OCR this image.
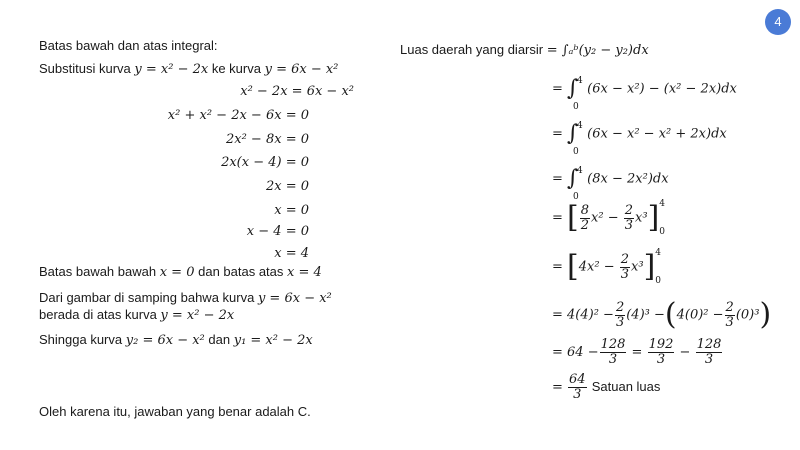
4
Batas bawah dan atas integral:
Substitusi kurva y = x² − 2x ke kurva y = 6x − x²
x² − 2x = 6x − x²
x² + x² − 2x − 6x = 0
2x² − 8x = 0
2x(x − 4) = 0
2x = 0
x = 0
x − 4 = 0
x = 4
Batas bawah bawah x = 0 dan batas atas x = 4
Dari gambar di samping bahwa kurva y = 6x − x²
berada di atas kurva y = x² − 2x
Shingga kurva y₂ = 6x − x² dan y₁ = x² − 2x
Oleh karena itu, jawaban yang benar adalah C.
Luas daerah yang diarsir = ∫ₐᵇ(y₂ − y₂)dx
= ∫
4
0
(6x − x²) − (x² − 2x)dx
= ∫
4
0
(6x − x² − x² + 2x)dx
= ∫
4
0
(8x − 2x²)dx
= [ $\frac{8}{2} x^2 - \frac{2}{3} x^3$] 4
0
= $[4x^2 - \frac{2}{3} x^3]$ 4
0
= $4(4)^2 - \frac{2}{3} (4)^3 -(4(0)^2 - \frac{2}{3} (0)^3)$
= $64 - \frac{128}{3} = \frac{192}{3} - \frac{128}{3}$
= $\frac{64}{3}$ Satuan luas
